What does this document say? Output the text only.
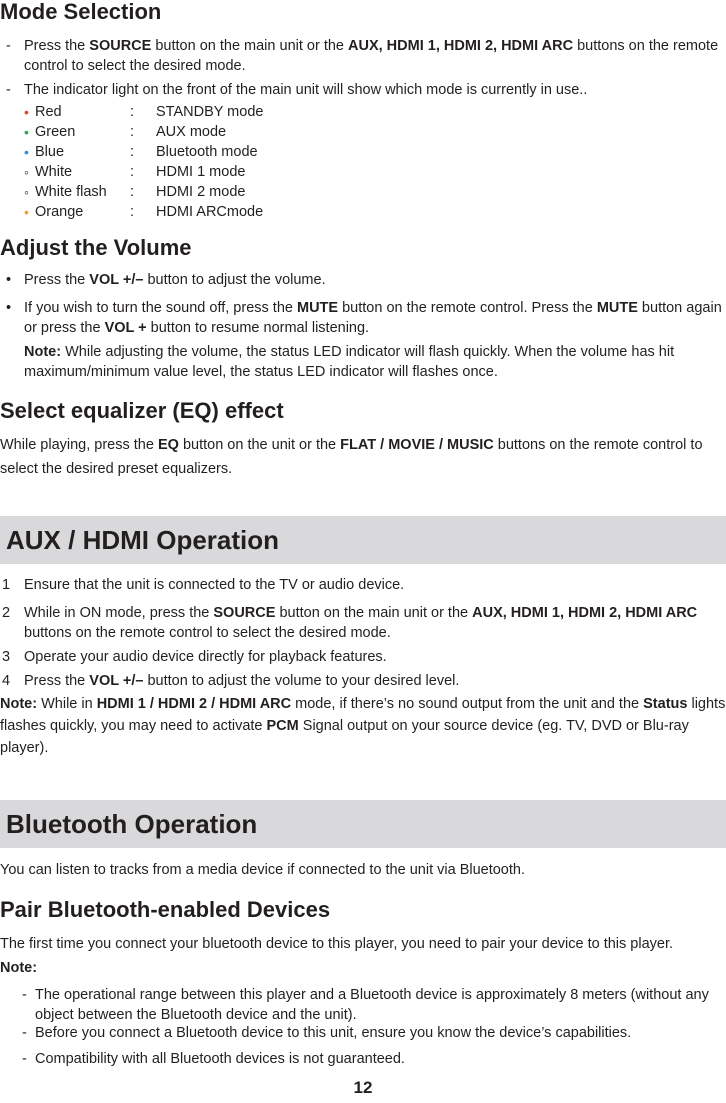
Mode Selection
- Press the SOURCE button on the main unit or the AUX, HDMI 1, HDMI 2, HDMI ARC buttons on the remote control to select the desired mode.
- The indicator light on the front of the main unit will show which mode is currently in use..
• Red	: STANDBY mode
• Green	: AUX mode
• Blue	: Bluetooth mode
◦ White	: HDMI 1 mode
◦ White flash : HDMI 2 mode
• Orange	: HDMI ARCmode
Adjust the Volume
• Press the VOL +/– button to adjust the volume.
• If you wish to turn the sound off, press the MUTE button on the remote control. Press the MUTE button again or press the VOL + button to resume normal listening.
Note: While adjusting the volume, the status LED indicator will flash quickly. When the volume has hit maximum/minimum value level, the status LED indicator will flashes once.
Select equalizer (EQ) effect
While playing, press the EQ button on the unit or the FLAT / MOVIE / MUSIC buttons on the remote control to select the desired preset equalizers.
AUX / HDMI Operation
1 Ensure that the unit is connected to the TV or audio device.
2 While in ON mode, press the SOURCE button on the main unit or the AUX, HDMI 1, HDMI 2, HDMI ARC buttons on the remote control to select the desired mode.
3 Operate your audio device directly for playback features.
4 Press the VOL +/– button to adjust the volume to your desired level.
Note: While in HDMI 1 / HDMI 2 / HDMI ARC mode, if there’s no sound output from the unit and the Status lights flashes quickly, you may need to activate PCM Signal output on your source device (eg. TV, DVD or Blu-ray player).
Bluetooth Operation
You can listen to tracks from a media device if connected to the unit via Bluetooth.
Pair Bluetooth-enabled Devices
The first time you connect your bluetooth device to this player, you need to pair your device to this player.
Note:
- The operational range between this player and a Bluetooth device is approximately 8 meters (without any object between the Bluetooth device and the unit).
- Before you connect a Bluetooth device to this unit, ensure you know the device’s capabilities.
- Compatibility with all Bluetooth devices is not guaranteed.
12
